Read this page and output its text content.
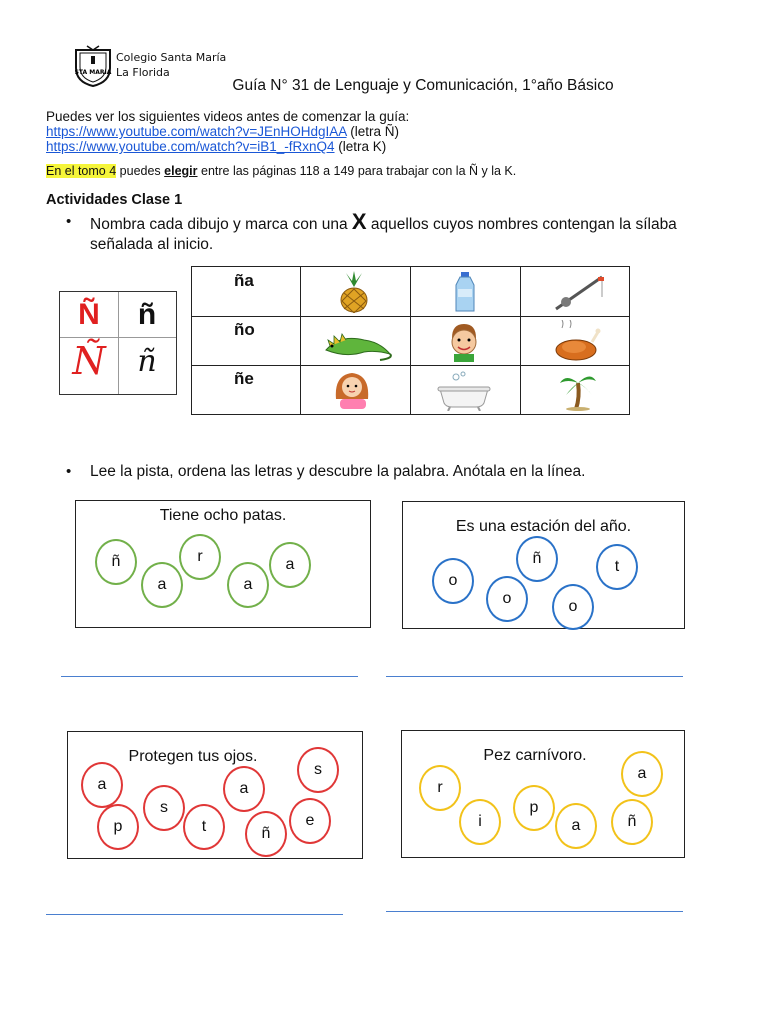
STA MARIA
Colegio Santa María
La Florida
Guía N° 31 de Lenguaje y Comunicación, 1°año Básico
Puedes ver los siguientes videos antes de comenzar la guía:
https://www.youtube.com/watch?v=JEnHOHdgIAA (letra Ñ)
https://www.youtube.com/watch?v=iB1_-fRxnQ4 (letra K)
En el tomo 4 puedes elegir entre las páginas 118 a 149 para trabajar con la Ñ y la K.
Actividades Clase 1
• Nombra cada dibujo y marca con una X aquellos cuyos nombres contengan la sílaba señalada al inicio.
Ñ	ñ
Ñ	ñ
ña
ño
ñe
• Lee la pista, ordena las letras y descubre la palabra. Anótala en la línea.
Tiene ocho patas.
ñ
a
r
a
a
Es una estación del año.
o
o
ñ
o
t
Protegen tus ojos.
a
p
s
t
a
ñ
s
e
Pez carnívoro.
r
i
p
a
a
ñ
